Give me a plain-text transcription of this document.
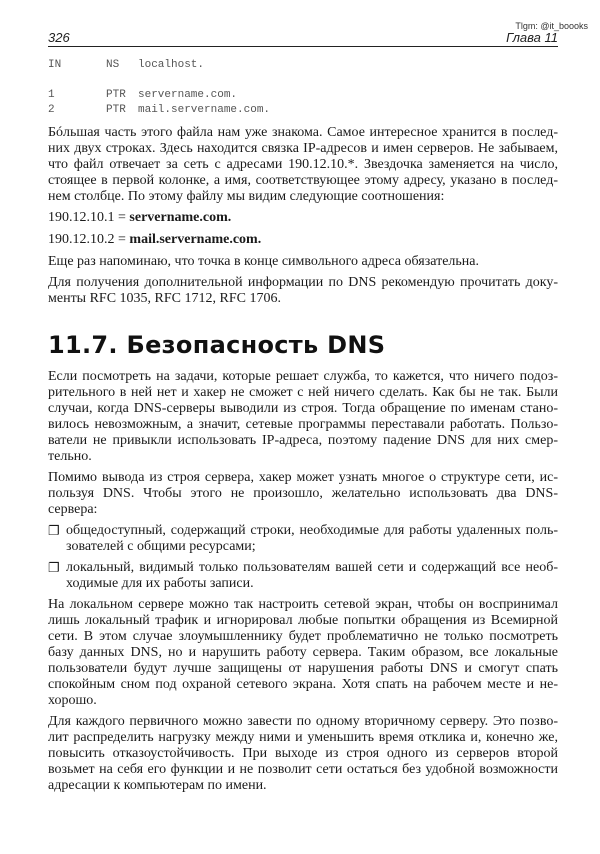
Tlgm: @it_boooks
326	Глава 11
IN	NS	localhost.
1	PTR	servername.com.
2	PTR	mail.servername.com.
Бóльшая часть этого файла нам уже знакома. Самое интересное хранится в послед-
них двух строках. Здесь находится связка IP-адресов и имен серверов. Не забываем,
что файл отвечает за сеть с адресами 190.12.10.*. Звездочка заменяется на число,
стоящее в первой колонке, а имя, соответствующее этому адресу, указано в послед-
нем столбце. По этому файлу мы видим следующие соотношения:
190.12.10.1 = servername.com.
190.12.10.2 = mail.servername.com.
Еще раз напоминаю, что точка в конце символьного адреса обязательна.
Для получения дополнительной информации по DNS рекомендую прочитать доку-
менты RFC 1035, RFC 1712, RFC 1706.
11.7. Безопасность DNS
Если посмотреть на задачи, которые решает служба, то кажется, что ничего подоз-
рительного в ней нет и хакер не сможет с ней ничего сделать. Как бы не так. Были
случаи, когда DNS-серверы выводили из строя. Тогда обращение по именам стано-
вилось невозможным, а значит, сетевые программы переставали работать. Пользо-
ватели не привыкли использовать IP-адреса, поэтому падение DNS для них смер-
тельно.
Помимо вывода из строя сервера, хакер может узнать многое о структуре сети, ис-
пользуя DNS. Чтобы этого не произошло, желательно использовать два DNS-
сервера:
❐ общедоступный, содержащий строки, необходимые для работы удаленных поль-
зователей с общими ресурсами;
❐ локальный, видимый только пользователям вашей сети и содержащий все необ-
ходимые для их работы записи.
На локальном сервере можно так настроить сетевой экран, чтобы он воспринимал
лишь локальный трафик и игнорировал любые попытки обращения из Всемирной
сети. В этом случае злоумышленнику будет проблематично не только посмотреть
базу данных DNS, но и нарушить работу сервера. Таким образом, все локальные
пользователи будут лучше защищены от нарушения работы DNS и смогут спать
спокойным сном под охраной сетевого экрана. Хотя спать на рабочем месте и не-
хорошо.
Для каждого первичного можно завести по одному вторичному серверу. Это позво-
лит распределить нагрузку между ними и уменьшить время отклика и, конечно же,
повысить отказоустойчивость. При выходе из строя одного из серверов второй
возьмет на себя его функции и не позволит сети остаться без удобной возможности
адресации к компьютерам по имени.
